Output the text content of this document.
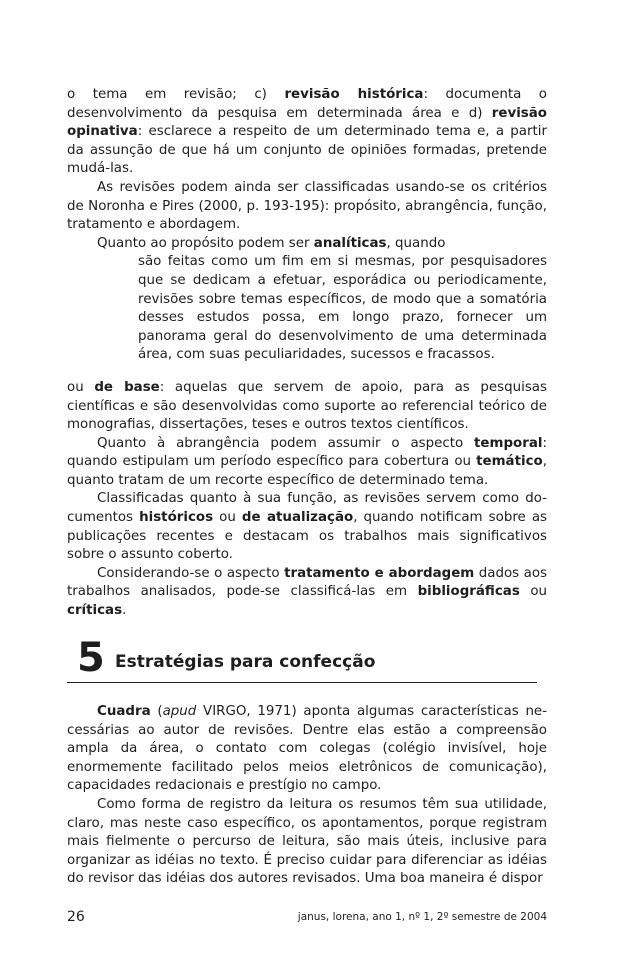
o tema em revisão; c) revisão histórica: documenta o desenvolvimento da pesquisa em determinada área e d) revisão opinativa: esclarece a respeito de um determinado tema e, a partir da assunção de que há um conjunto de opiniões formadas, pretende mudá-las.

As revisões podem ainda ser classificadas usando-se os critérios de Noronha e Pires (2000, p. 193-195): propósito, abrangência, função, tratamento e abordagem.

Quanto ao propósito podem ser analíticas, quando

são feitas como um fim em si mesmas, por pesquisadores que se dedicam a efetuar, esporádica ou periodicamente, revisões sobre temas específicos, de modo que a somatória desses estudos possa, em longo prazo, fornecer um panorama geral do desenvolvimento de uma determinada área, com suas peculiaridades, sucessos e fracassos.

ou de base: aquelas que servem de apoio, para as pesquisas científicas e são desenvolvidas como suporte ao referencial teórico de monografias, dissertações, teses e outros textos científicos.

Quanto à abrangência podem assumir o aspecto temporal: quando estipulam um período específico para cobertura ou temático, quanto tratam de um recorte específico de determinado tema.

Classificadas quanto à sua função, as revisões servem como do-cumentos históricos ou de atualização, quando notificam sobre as publicações recentes e destacam os trabalhos mais significativos sobre o assunto coberto.

Considerando-se o aspecto tratamento e abordagem dados aos trabalhos analisados, pode-se classificá-las em bibliográficas ou críticas.

5 Estratégias para confecção

Cuadra (apud VIRGO, 1971) aponta algumas características ne-cessárias ao autor de revisões. Dentre elas estão a compreensão ampla da área, o contato com colegas (colégio invisível, hoje enormemente facilitado pelos meios eletrônicos de comunicação), capacidades redacionais e prestígio no campo.

Como forma de registro da leitura os resumos têm sua utilidade, claro, mas neste caso específico, os apontamentos, porque registram mais fielmente o percurso de leitura, são mais úteis, inclusive para organizar as idéias no texto. É preciso cuidar para diferenciar as idéias do revisor das idéias dos autores revisados. Uma boa maneira é dispor

26	janus, lorena, ano 1, nº 1, 2º semestre de 2004
